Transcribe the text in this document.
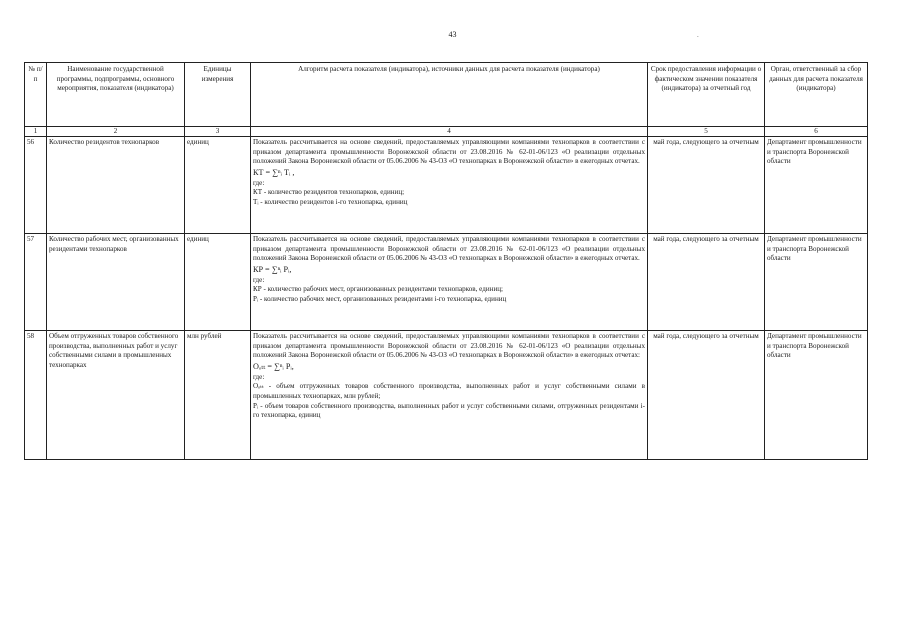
43	.
№ п/п	Наименование государственной программы, подпрограммы, основного мероприятия, показателя (индикатора)	Единицы измерения	Алгоритм расчета показателя (индикатора), источники данных для расчета показателя (индикатора)	Срок предоставления информации о фактическом значении показателя (индикатора) за отчетный год	Орган, ответственный за сбор данных для расчета показателя (индикатора)
1	2	3	4	5	6
56	Количество резидентов технопарков	единиц	Показатель рассчитывается на основе сведений, предоставляемых управляющими компаниями технопарков в соответствии с приказом департамента промышленности Воронежской области от 23.08.2016 № 62-01-06/123 «О реализации отдельных положений Закона Воронежской области от 05.06.2006 № 43-ОЗ «О технопарках в Воронежской области» в ежегодных отчетах.

КТ = ∑ⁿᵢ Тᵢ ,

где:

КТ - количество резидентов технопарков, единиц;

Тᵢ - количество резидентов i-го технопарка, единиц	май года, следующего за отчетным	Департамент промышленности и транспорта Воронежской области
57	Количество рабочих мест, организованных резидентами технопарков	единиц	Показатель рассчитывается на основе сведений, предоставляемых управляющими компаниями технопарков в соответствии с приказом департамента промышленности Воронежской области от 23.08.2016 № 62-01-06/123 «О реализации отдельных положений Закона Воронежской области от 05.06.2006 № 43-ОЗ «О технопарках в Воронежской области» в ежегодных отчетах.

КР = ∑ⁿᵢ Рᵢ,

где:

КР - количество рабочих мест, организованных резидентами технопарков, единиц;

Рᵢ - количество рабочих мест, организованных резидентами i-го технопарка, единиц	май года, следующего за отчетным	Департамент промышленности и транспорта Воронежской области
58	Объем отгруженных товаров собственного производства, выполненных работ и услуг собственными силами в промышленных технопарках	млн рублей	Показатель рассчитывается на основе сведений, предоставляемых управляющими компаниями технопарков в соответствии с приказом департамента промышленности Воронежской области от 23.08.2016 № 62-01-06/123 «О реализации отдельных положений Закона Воронежской области от 05.06.2006 № 43-ОЗ «О технопарках в Воронежской области» в ежегодных отчетах:

Оₒₜₜ = ∑ⁿᵢ Рᵢ,

где:

Оₒₜₜ - объем отгруженных товаров собственного производства, выполненных работ и услуг собственными силами в промышленных технопарках, млн рублей;

Рᵢ - объем товаров собственного производства, выполненных работ и услуг собственными силами, отгруженных резидентами i-го технопарка, единиц	май года, следующего за отчетным	Департамент промышленности и транспорта Воронежской области
